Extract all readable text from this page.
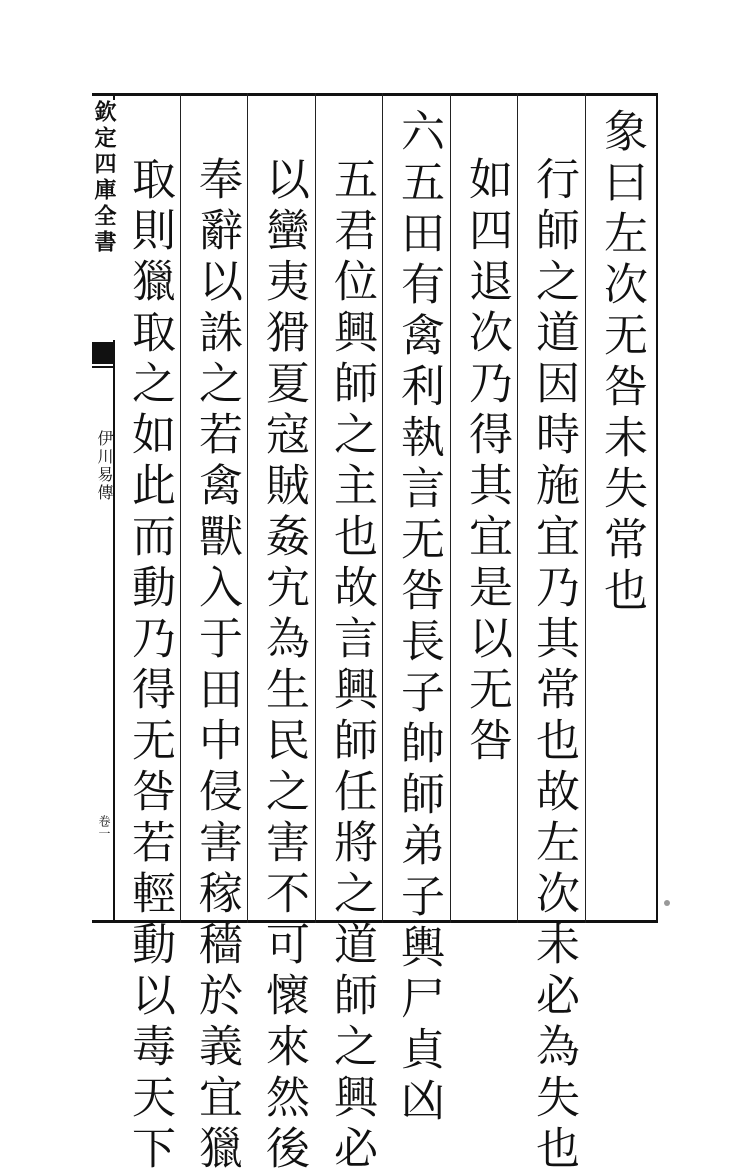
欽定四庫全書
伊川易傳
卷一
象曰左次无咎未失常也
行師之道因時施宜乃其常也故左次未必為失也
如四退次乃得其宜是以无咎
六五田有禽利執言无咎長子帥師弟子輿尸貞凶
五君位興師之主也故言興師任將之道師之興必
以蠻夷猾夏寇賊姦宄為生民之害不可懷來然後
奉辭以誅之若禽獸入于田中侵害稼穡於義宜獵
取則獵取之如此而動乃得无咎若輕動以毒天下
